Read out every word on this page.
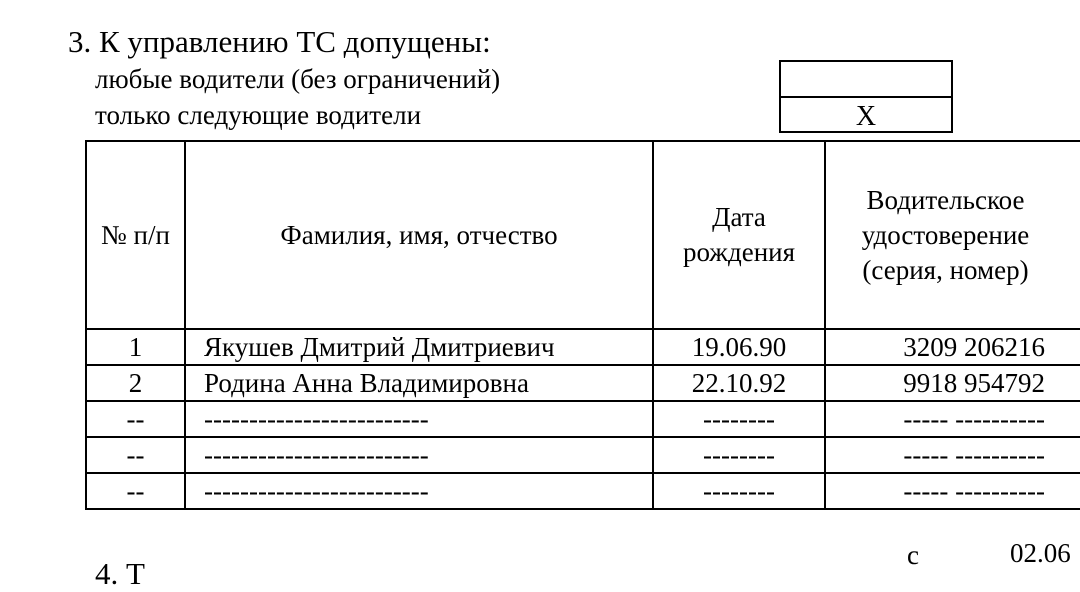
3. К управлению ТС допущены:
любые водители (без ограничений)
только следующие водители	X
№ п/п	Фамилия, имя, отчество	Дата рождения	Водительское удостоверение (серия, номер)
1	Якушев Дмитрий Дмитриевич	19.06.90	3209 206216
2	Родина Анна Владимировна	22.10.92	9918 954792
--	-------------------------	--------	----- ----------
--	-------------------------	--------	----- ----------
--	-------------------------	--------	----- ----------
с	02.06
4. Т
